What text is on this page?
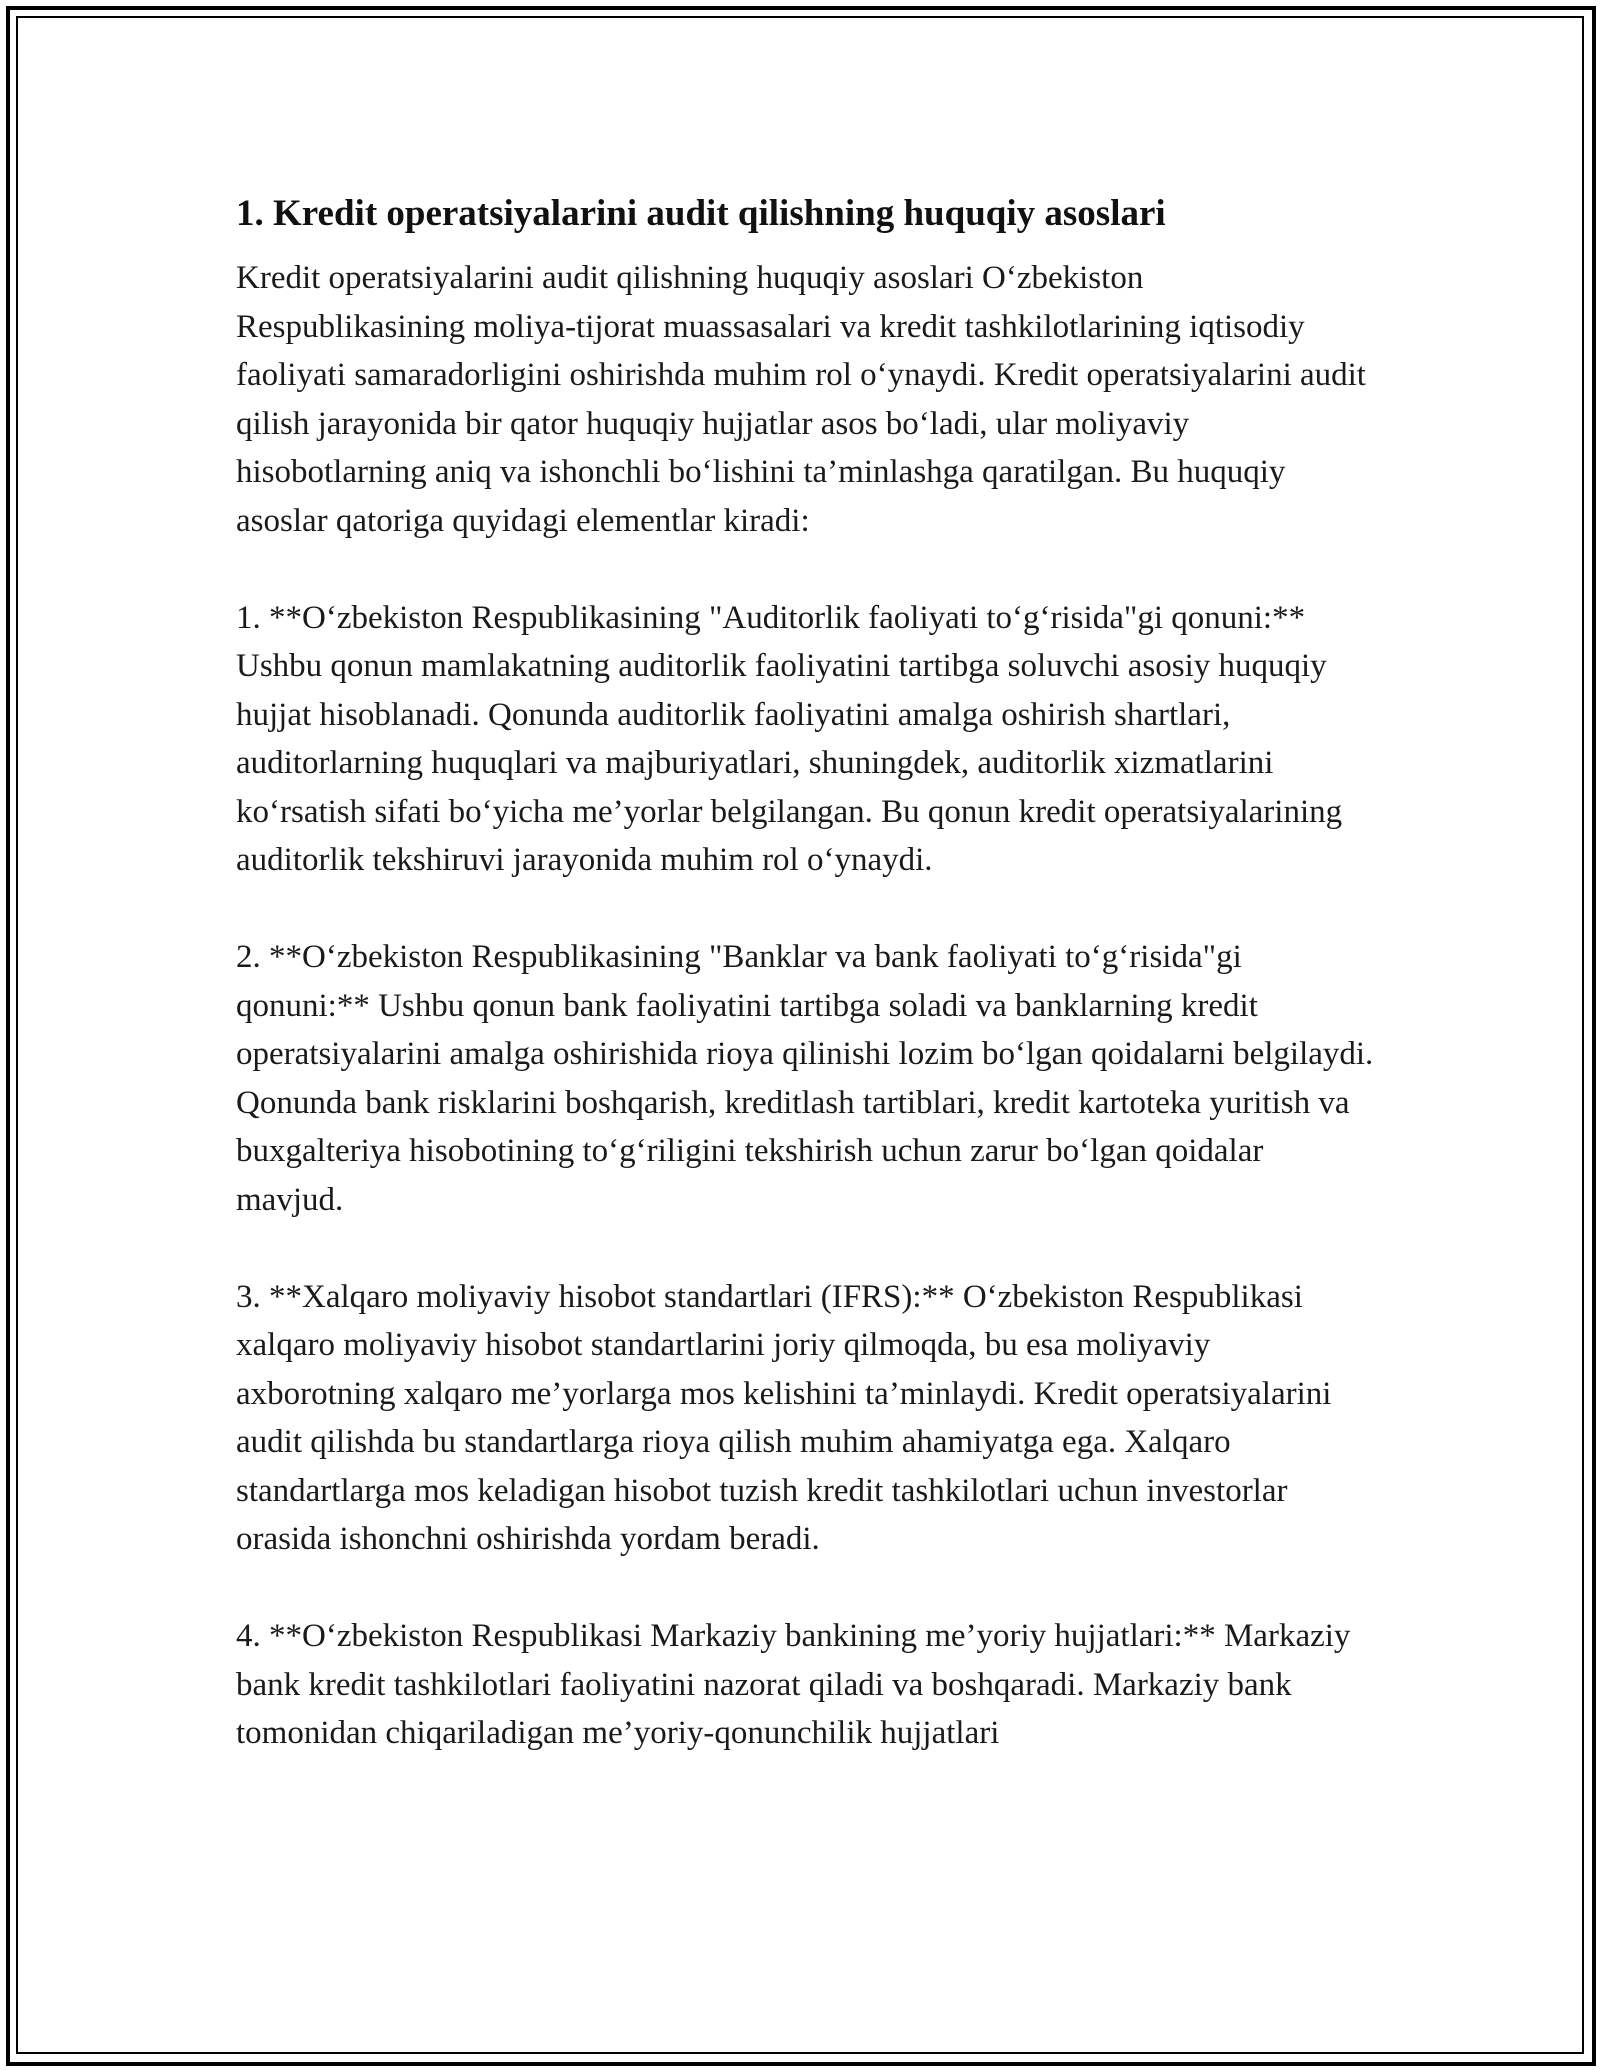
1. Kredit operatsiyalarini audit qilishning huquqiy asoslari

Kredit operatsiyalarini audit qilishning huquqiy asoslari O‘zbekiston Respublikasining moliya-tijorat muassasalari va kredit tashkilotlarining iqtisodiy faoliyati samaradorligini oshirishda muhim rol o‘ynaydi. Kredit operatsiyalarini audit qilish jarayonida bir qator huquqiy hujjatlar asos bo‘ladi, ular moliyaviy hisobotlarning aniq va ishonchli bo‘lishini ta’minlashga qaratilgan. Bu huquqiy asoslar qatoriga quyidagi elementlar kiradi:

1. **O‘zbekiston Respublikasining "Auditorlik faoliyati to‘g‘risida"gi qonuni:** Ushbu qonun mamlakatning auditorlik faoliyatini tartibga soluvchi asosiy huquqiy hujjat hisoblanadi. Qonunda auditorlik faoliyatini amalga oshirish shartlari, auditorlarning huquqlari va majburiyatlari, shuningdek, auditorlik xizmatlarini ko‘rsatish sifati bo‘yicha me’yorlar belgilangan. Bu qonun kredit operatsiyalarining auditorlik tekshiruvi jarayonida muhim rol o‘ynaydi.

2. **O‘zbekiston Respublikasining "Banklar va bank faoliyati to‘g‘risida"gi qonuni:** Ushbu qonun bank faoliyatini tartibga soladi va banklarning kredit operatsiyalarini amalga oshirishida rioya qilinishi lozim bo‘lgan qoidalarni belgilaydi. Qonunda bank risklarini boshqarish, kreditlash tartiblari, kredit kartoteka yuritish va buxgalteriya hisobotining to‘g‘riligini tekshirish uchun zarur bo‘lgan qoidalar mavjud.

3. **Xalqaro moliyaviy hisobot standartlari (IFRS):** O‘zbekiston Respublikasi xalqaro moliyaviy hisobot standartlarini joriy qilmoqda, bu esa moliyaviy axborotning xalqaro me’yorlarga mos kelishini ta’minlaydi. Kredit operatsiyalarini audit qilishda bu standartlarga rioya qilish muhim ahamiyatga ega. Xalqaro standartlarga mos keladigan hisobot tuzish kredit tashkilotlari uchun investorlar orasida ishonchni oshirishda yordam beradi.

4. **O‘zbekiston Respublikasi Markaziy bankining me’yoriy hujjatlari:** Markaziy bank kredit tashkilotlari faoliyatini nazorat qiladi va boshqaradi. Markaziy bank tomonidan chiqariladigan me’yoriy-qonunchilik hujjatlari
